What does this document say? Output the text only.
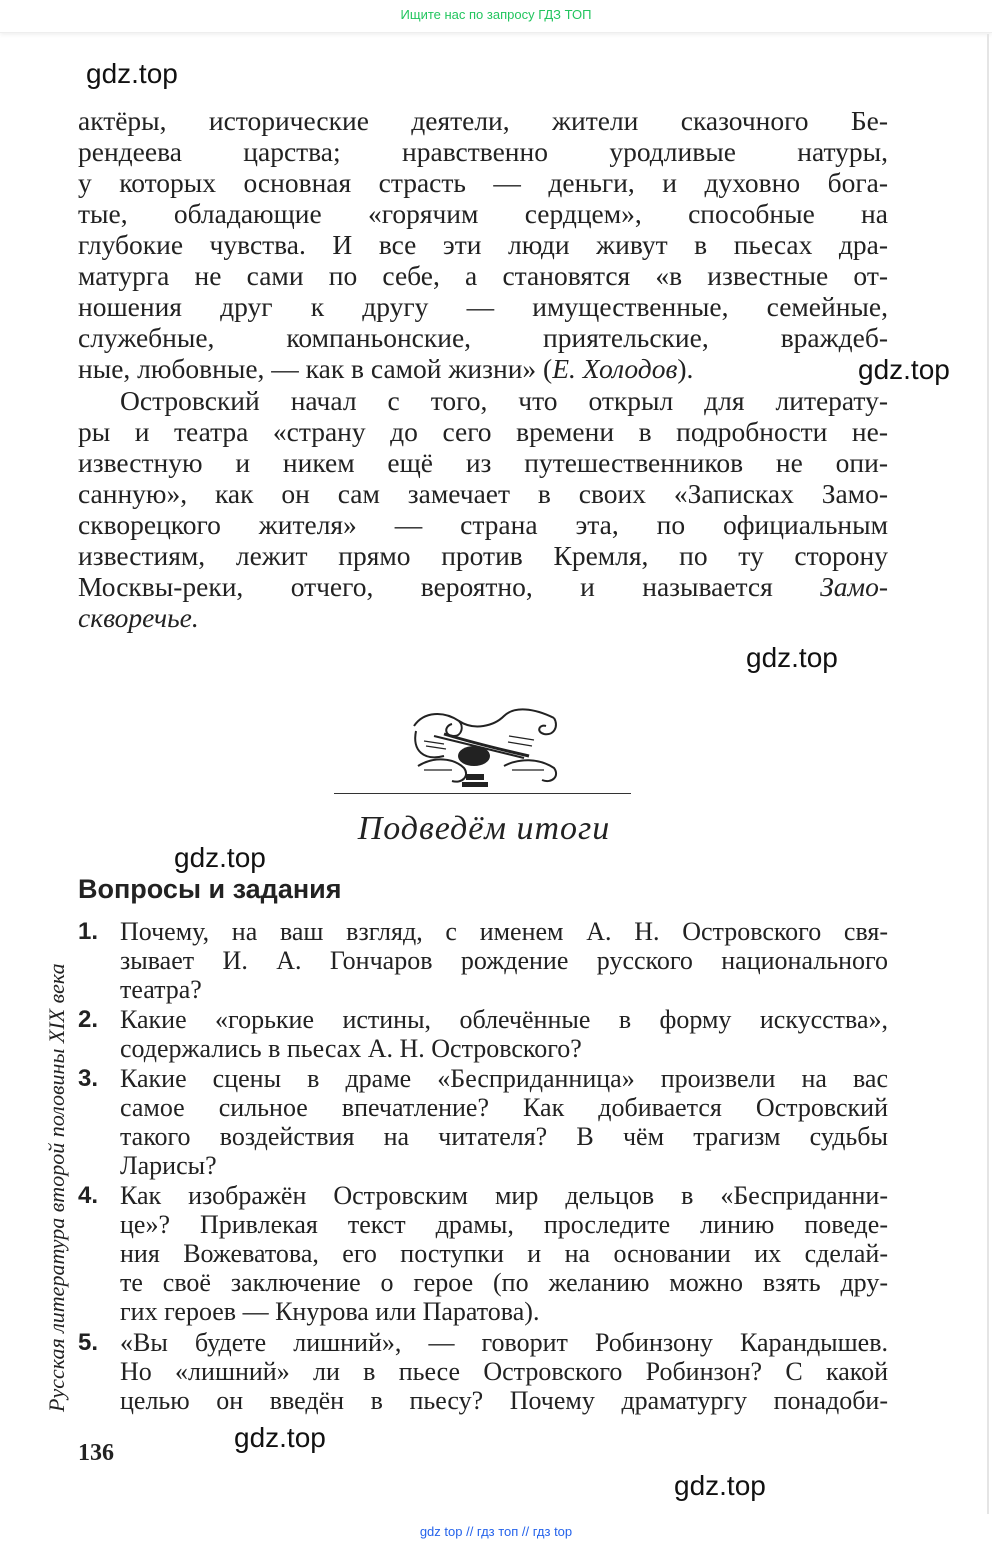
Ищите нас по запросу ГДЗ ТОП
gdz.top
gdz.top
gdz.top
gdz.top
gdz.top
gdz.top
актёры, исторические деятели, жители сказочного Бе-
рендеева царства; нравственно уродливые натуры,
у которых основная страсть — деньги, и духовно бога-
тые, обладающие «горячим сердцем», способные на
глубокие чувства. И все эти люди живут в пьесах дра-
матурга не сами по себе, а становятся «в известные от-
ношения друг к другу — имущественные, семейные,
служебные, компаньонские, приятельские, враждеб-
ные, любовные, — как в самой жизни» (Е. Холодов).
Островский начал с того, что открыл для литерату-
ры и театра «страну до сего времени в подробности не-
известную и никем ещё из путешественников не опи-
санную», как он сам замечает в своих «Записках Замо-
скворецкого жителя» — страна эта, по официальным
известиям, лежит прямо против Кремля, по ту сторону
Москвы-реки, отчего, вероятно, и называется Замо-
скворечье.
Подведём итоги
Вопросы и задания
1. Почему, на ваш взгляд, с именем А. Н. Островского свя-
зывает И. А. Гончаров рождение русского национального
театра?
2. Какие «горькие истины, облечённые в форму искусства»,
содержались в пьесах А. Н. Островского?
3. Какие сцены в драме «Бесприданница» произвели на вас
самое сильное впечатление? Как добивается Островский
такого воздействия на читателя? В чём трагизм судьбы
Ларисы?
4. Как изображён Островским мир дельцов в «Бесприданни-
це»? Привлекая текст драмы, проследите линию поведе-
ния Вожеватова, его поступки и на основании их сделай-
те своё заключение о герое (по желанию можно взять дру-
гих героев — Кнурова или Паратова).
5. «Вы будете лишний», — говорит Робинзону Карандышев.
Но «лишний» ли в пьесе Островского Робинзон? С какой
целью он введён в пьесу? Почему драматургу понадоби-
Русская литература второй половины XIX века
136
gdz top // гдз топ // гдз top
